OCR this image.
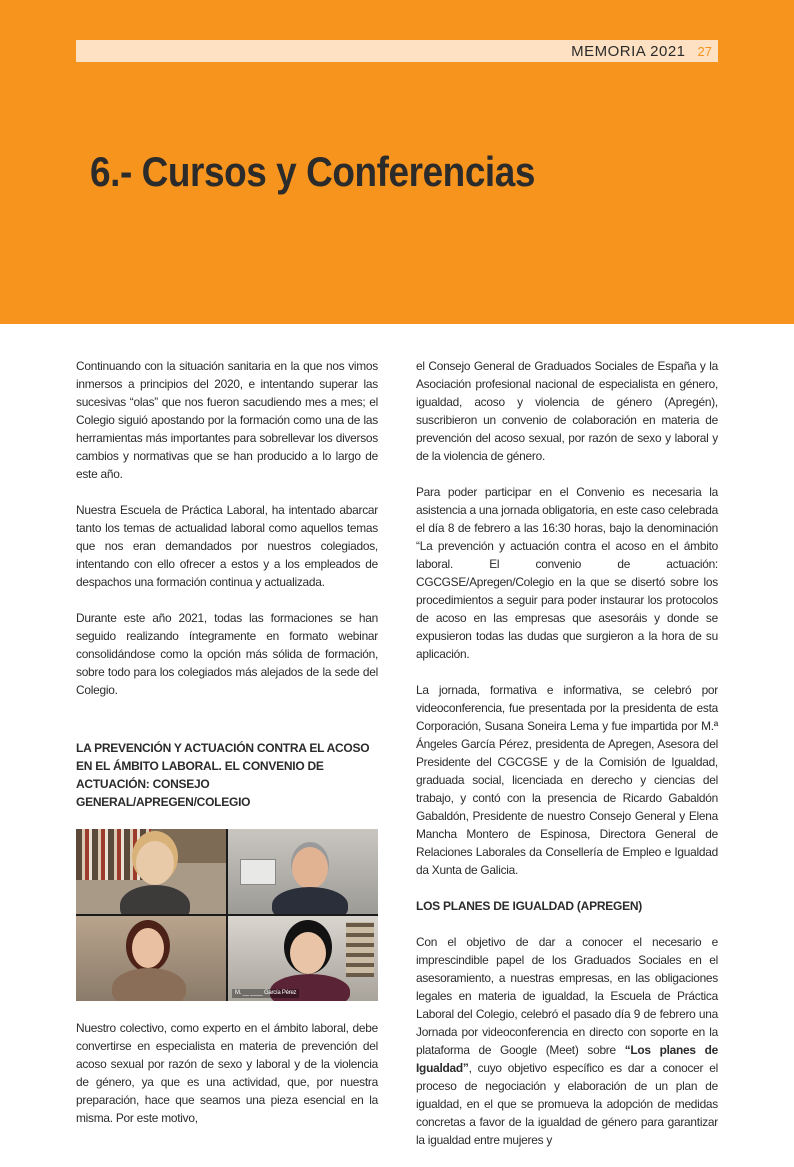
MEMORIA 2021 27
6.- Cursos y Conferencias

Continuando con la situación sanitaria en la que nos vimos inmersos a principios del 2020, e intentando superar las sucesivas “olas” que nos fueron sacudiendo mes a mes; el Colegio siguió apostando por la formación como una de las herramientas más importantes para sobrellevar los diversos cambios y normativas que se han producido a lo largo de este año.

Nuestra Escuela de Práctica Laboral, ha intentado abarcar tanto los temas de actualidad laboral como aquellos temas que nos eran demandados por nuestros colegiados, intentando con ello ofrecer a estos y a los empleados de despachos una formación continua y actualizada.

Durante este año 2021, todas las formaciones se han seguido realizando íntegramente en formato webinar consolidándose como la opción más sólida de formación, sobre todo para los colegiados más alejados de la sede del Colegio.

LA PREVENCIÓN Y ACTUACIÓN CONTRA EL ACOSO EN EL ÁMBITO LABORAL. EL CONVENIO DE ACTUACIÓN: CONSEJO GENERAL/APREGEN/COLEGIO
M. __ ____ García Pérez

Nuestro colectivo, como experto en el ámbito laboral, debe convertirse en especialista en materia de prevención del acoso sexual por razón de sexo y laboral y de la violencia de género, ya que es una actividad, que, por nuestra preparación, hace que seamos una pieza esencial en la misma. Por este motivo,

el Consejo General de Graduados Sociales de España y la Asociación profesional nacional de especialista en género, igualdad, acoso y violencia de género (Apregén), suscribieron un convenio de colaboración en materia de prevención del acoso sexual, por razón de sexo y laboral y de la violencia de género.

Para poder participar en el Convenio es necesaria la asistencia a una jornada obligatoria, en este caso celebrada el día 8 de febrero a las 16:30 horas, bajo la denominación “La prevención y actuación contra el acoso en el ámbito laboral. El convenio de actuación: CGCGSE/Apregen/Colegio en la que se disertó sobre los procedimientos a seguir para poder instaurar los protocolos de acoso en las empresas que asesoráis y donde se expusieron todas las dudas que surgieron a la hora de su aplicación.

La jornada, formativa e informativa, se celebró por videoconferencia, fue presentada por la presidenta de esta Corporación, Susana Soneira Lema y fue impartida por M.ª Ángeles García Pérez, presidenta de Apregen, Asesora del Presidente del CGCGSE y de la Comisión de Igualdad, graduada social, licenciada en derecho y ciencias del trabajo, y contó con la presencia de Ricardo Gabaldón Gabaldón, Presidente de nuestro Consejo General y Elena Mancha Montero de Espinosa, Directora General de Relaciones Laborales da Consellería de Empleo e Igualdad da Xunta de Galicia.

LOS PLANES DE IGUALDAD (APREGEN)

Con el objetivo de dar a conocer el necesario e imprescindible papel de los Graduados Sociales en el asesoramiento, a nuestras empresas, en las obligaciones legales en materia de igualdad, la Escuela de Práctica Laboral del Colegio, celebró el pasado día 9 de febrero una Jornada por videoconferencia en directo con soporte en la plataforma de Google (Meet) sobre “Los planes de Igualdad”, cuyo objetivo específico es dar a conocer el proceso de negociación y elaboración de un plan de igualdad, en el que se promueva la adopción de medidas concretas a favor de la igualdad de género para garantizar la igualdad entre mujeres y
